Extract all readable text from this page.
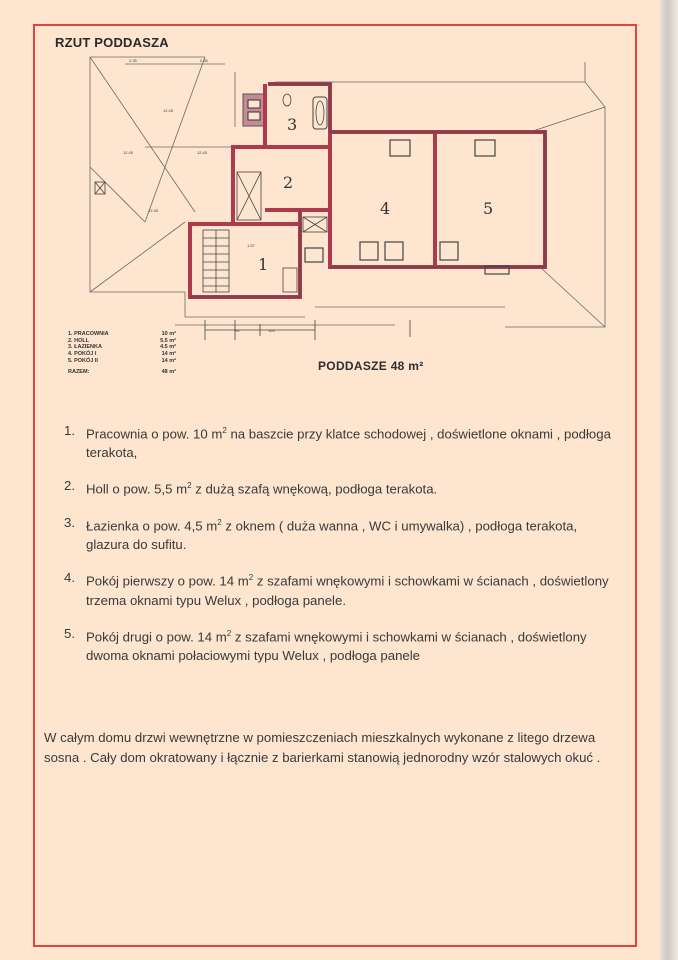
RZUT PODDASZA
2.35	2.35
12.45	12.45
12.45
12.45
1.57
95	165
1
2
3
4	5
1. PRACOWNIA	10 m²
2. HOLL	5.5 m²
3. ŁAZIENKA	4.5 m²
4. POKÓJ I	14 m²
5. POKÓJ II	14 m²
RAZEM:	48 m²	PODDASZE 48 m²
1. Pracownia o pow. 10 $m^2$ na baszcie przy klatce schodowej , doświetlone oknami , podłoga terakota,
2. Holl o pow. 5,5 $m^2$ z dużą szafą wnękową, podłoga terakota.
3. Łazienka o pow. 4,5 $m^2$ z oknem ( duża wanna , WC i umywalka) , podłoga terakota, glazura do sufitu.
4. Pokój pierwszy o pow. 14 $m^2$ z szafami wnękowymi i schowkami w ścianach , doświetlony trzema oknami typu Welux , podłoga panele.
5. Pokój drugi o pow. 14 $m^2$ z szafami wnękowymi i schowkami w ścianach , doświetlony dwoma oknami połaciowymi typu Welux , podłoga panele
W całym domu drzwi wewnętrzne w pomieszczeniach mieszkalnych wykonane z litego drzewa sosna . Cały dom okratowany i łącznie z barierkami stanowią jednorodny wzór stalowych okuć .
